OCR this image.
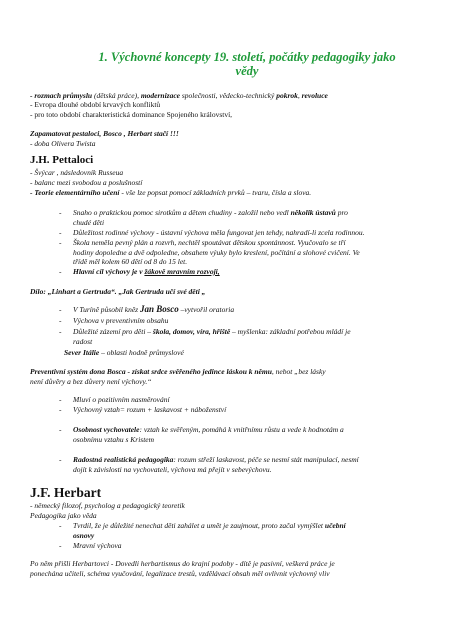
1. Výchovné koncepty 19. století, počátky pedagogiky jako
vědy
- rozmach průmyslu (dětská práce), modernizace společnosti, vědecko-technický pokrok, revoluce
- Evropa dlouhé období krvavých konfliktů
- pro toto období charakteristická dominance Spojeného království,
Zapamatovat pestaloci, Bosco , Herbart stačí !!!
- doba Olivera Twista
J.H. Pettaloci
- Švýcar , následovník Russeua
- balanc mezi svobodou a poslušností
- Teorie elementárního učení - vše lze popsat pomocí základních prvků – tvaru, čísla a slova.
- Snaho o praktickou pomoc sirotkům a dětem chudiny - založil nebo vedl několik ústavů pro
chudé děti
- Důležitost rodinné výchovy - ústavní výchova měla fungovat jen tehdy, nahradí-li zcela rodinnou.
- Škola neměla pevný plán a rozvrh, nechtěl spoutávat dětskou spontánnost. Vyučovalo se tří
hodiny dopoledne a dvě odpoledne, obsahem výuky bylo kreslení, počítání a slohové cvičení. Ve
třídě měl kolem 60 dětí od 8 do 15 let.
- Hlavní cíl výchovy je v žákově mravním rozvoji,
Dílo: „Linhart a Gertruda“. „Jak Gertruda učí své děti „
- V Turíně působil kněz Jan Bosco –vytvořil oratoria
- Výchova v preventivním obsahu
- Důležité zázemí pro děti – škola, domov, víra, hřiště – myšlenka: základní potřebou mládí je
radost
Sever Itálie – oblasti hodně průmyslové
Preventivní systém dona Bosca - získat srdce svěřeného jedince láskou k němu, nebot „bez lásky
není důvěry a bez důvery není výchovy.“
- Mluví o pozitivním nasměrování
- Výchovný vztah= rozum + laskavost + náboženství
- Osobnost vychovatele: vztah ke svěřeným, pomáhá k vnitřnímu růstu a vede k hodnotám a
osobnímu vztahu s Kristem
- Radostná realistická pedagogika: rozum střeží laskavost, péče se nesmí stát manipulací, nesmí
dojít k závislosti na vychovateli, výchova má přejít v sebevýchovu.
J.F. Herbart
- německý filozof, psycholog a pedagogický teoretik
Pedagogika jako věda
- Tvrdil, že je důležité nenechat děti zahálet a umět je zaujmout, proto začal vymýšlet učební
osnovy
- Mravní výchova
Po něm přišli Herbartovci - Dovedli herbartismus do krajní podoby - dítě je pasivní, veškerá práce je
ponechána učiteli, schéma vyučování, legalizace trestů, vzdělávací obsah měl ovlivnit výchovný vliv
